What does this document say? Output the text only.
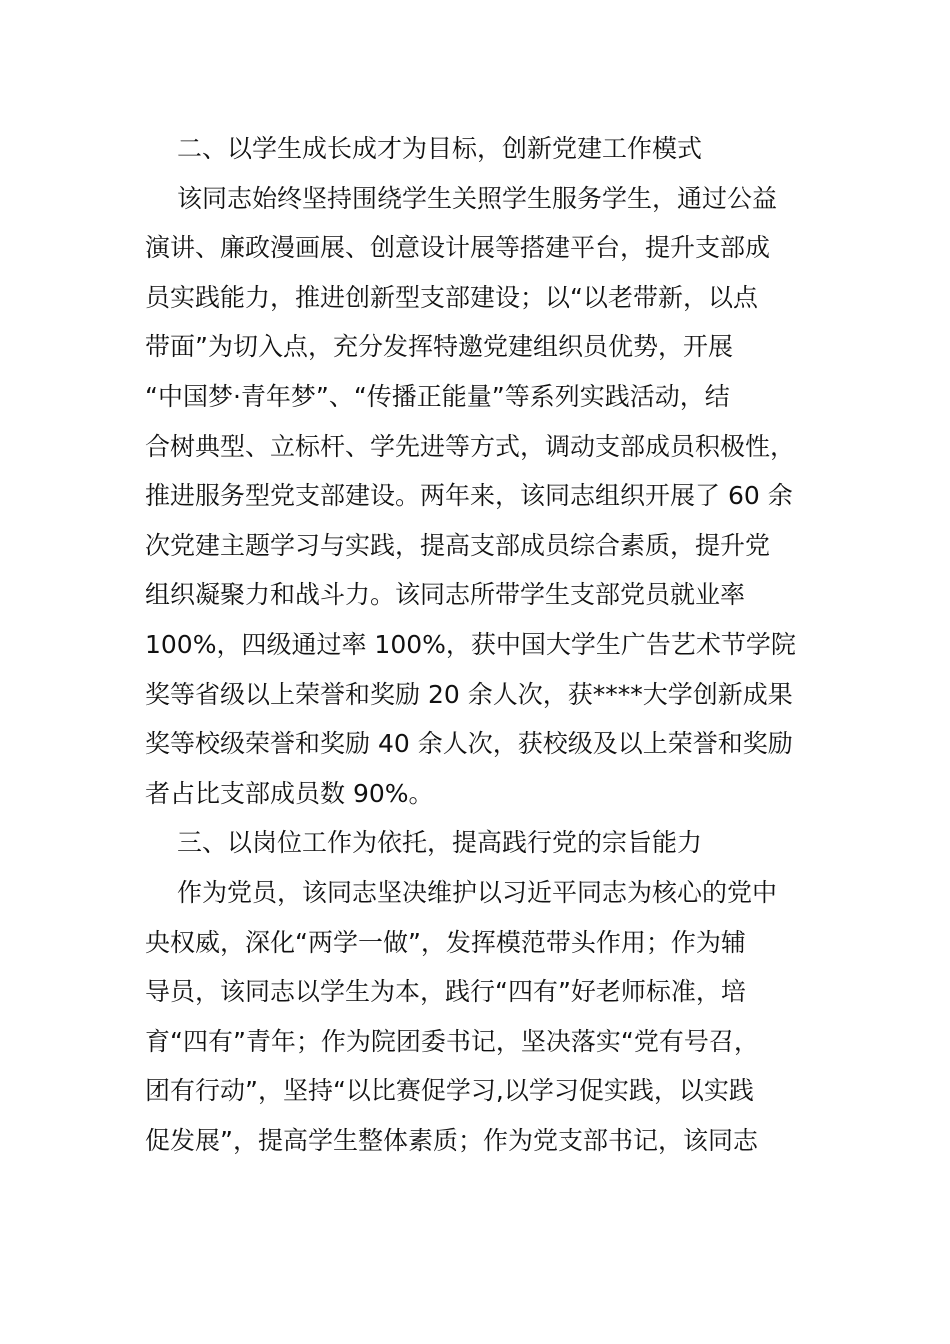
二、以学生成长成才为目标，创新党建工作模式

该同志始终坚持围绕学生关照学生服务学生，通过公益
演讲、廉政漫画展、创意设计展等搭建平台，提升支部成
员实践能力，推进创新型支部建设；以“以老带新，以点
带面”为切入点，充分发挥特邀党建组织员优势，开展
“中国梦·青年梦”、“传播正能量”等系列实践活动，结
合树典型、立标杆、学先进等方式，调动支部成员积极性，
推进服务型党支部建设。两年来，该同志组织开展了 60 余
次党建主题学习与实践，提高支部成员综合素质，提升党
组织凝聚力和战斗力。该同志所带学生支部党员就业率
100%，四级通过率 100%，获中国大学生广告艺术节学院
奖等省级以上荣誉和奖励 20 余人次，获****大学创新成果
奖等校级荣誉和奖励 40 余人次，获校级及以上荣誉和奖励
者占比支部成员数 90%。

三、以岗位工作为依托，提高践行党的宗旨能力

作为党员，该同志坚决维护以习近平同志为核心的党中
央权威，深化“两学一做”，发挥模范带头作用；作为辅
导员，该同志以学生为本，践行“四有”好老师标准，培
育“四有”青年；作为院团委书记，坚决落实“党有号召，
团有行动”，坚持“以比赛促学习,以学习促实践，以实践
促发展”，提高学生整体素质；作为党支部书记，该同志
